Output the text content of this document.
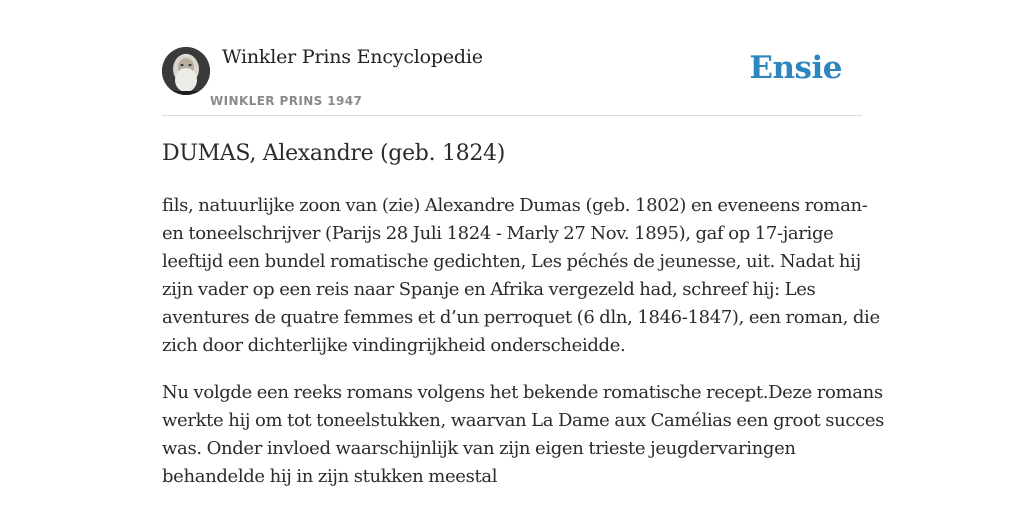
Winkler Prins Encyclopedie
WINKLER PRINS 1947
Ensie
DUMAS, Alexandre (geb. 1824)

fils, natuurlijke zoon van (zie) Alexandre Dumas (geb. 1802) en eveneens roman-
en toneelschrijver (Parijs 28 Juli 1824 - Marly 27 Nov. 1895), gaf op 17-jarige
leeftijd een bundel romatische gedichten, Les péchés de jeunesse, uit. Nadat hij
zijn vader op een reis naar Spanje en Afrika vergezeld had, schreef hij: Les
aventures de quatre femmes et d’un perroquet (6 dln, 1846-1847), een roman, die
zich door dichterlijke vindingrijkheid onderscheidde.

Nu volgde een reeks romans volgens het bekende romatische recept.Deze romans
werkte hij om tot toneelstukken, waarvan La Dame aux Camélias een groot succes
was. Onder invloed waarschijnlijk van zijn eigen trieste jeugdervaringen
behandelde hij in zijn stukken meestal
